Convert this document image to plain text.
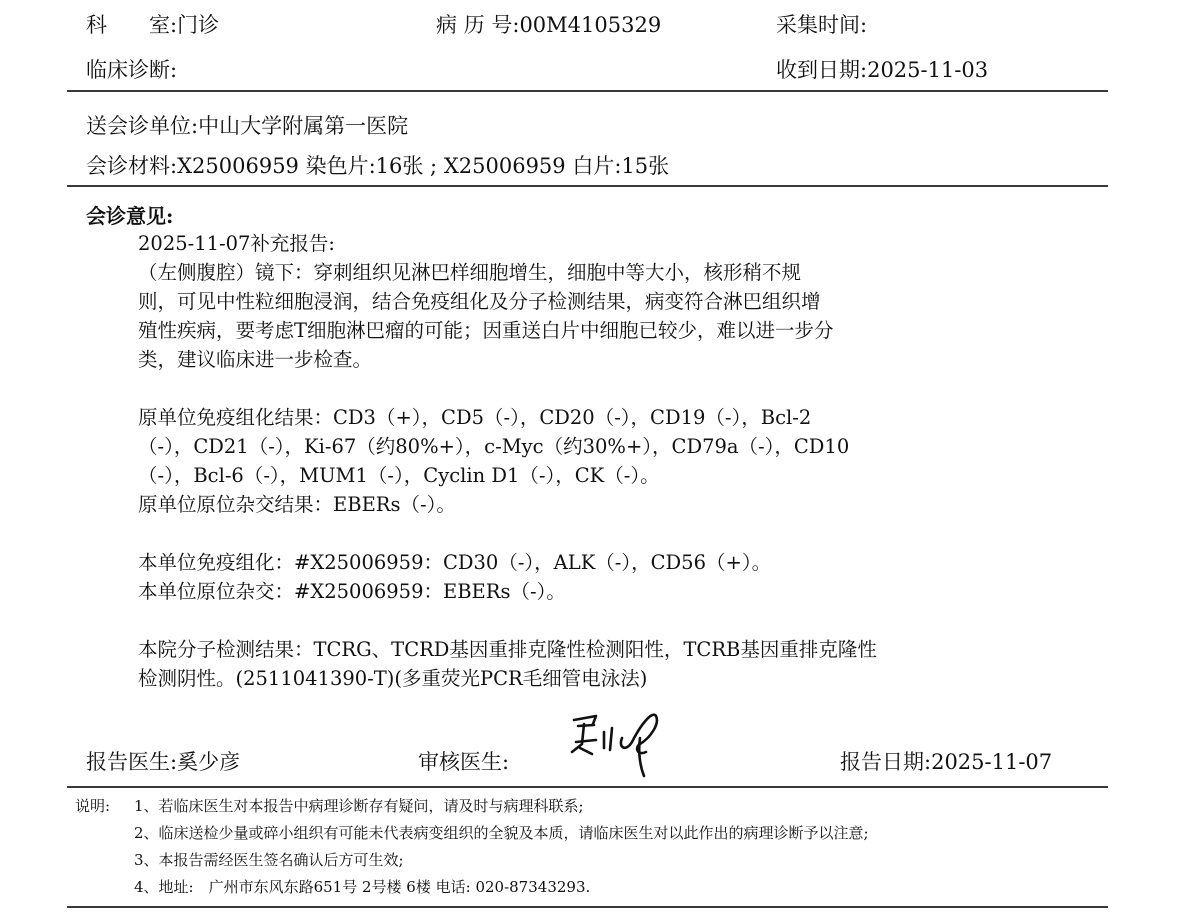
科　　室:门诊	病 历 号:00M4105329	采集时间:
临床诊断:	收到日期:2025-11-03
送会诊单位:中山大学附属第一医院
会诊材料:X25006959 染色片:16张 ; X25006959 白片:15张
会诊意见:
2025-11-07补充报告:
（左侧腹腔）镜下：穿刺组织见淋巴样细胞增生，细胞中等大小，核形稍不规
则，可见中性粒细胞浸润，结合免疫组化及分子检测结果，病变符合淋巴组织增
殖性疾病，要考虑T细胞淋巴瘤的可能；因重送白片中细胞已较少，难以进一步分
类，建议临床进一步检查。
原单位免疫组化结果：CD3（+），CD5（-），CD20（-），CD19（-），Bcl-2
（-），CD21（-），Ki-67（约80%+），c-Myc（约30%+），CD79a（-），CD10
（-），Bcl-6（-），MUM1（-），Cyclin D1（-），CK（-）。
原单位原位杂交结果：EBERs（-）。
本单位免疫组化：#X25006959：CD30（-），ALK（-），CD56（+）。
本单位原位杂交：#X25006959：EBERs（-）。
本院分子检测结果：TCRG、TCRD基因重排克隆性检测阳性，TCRB基因重排克隆性
检测阴性。(2511041390-T)(多重荧光PCR毛细管电泳法)
报告医生:奚少彦	审核医生:	报告日期:2025-11-07
说明: 1、若临床医生对本报告中病理诊断存有疑问，请及时与病理科联系;
2、临床送检少量或碎小组织有可能未代表病变组织的全貌及本质，请临床医生对以此作出的病理诊断予以注意;
3、本报告需经医生签名确认后方可生效;
4、地址:　广州市东风东路651号 2号楼 6楼 电话: 020-87343293.
